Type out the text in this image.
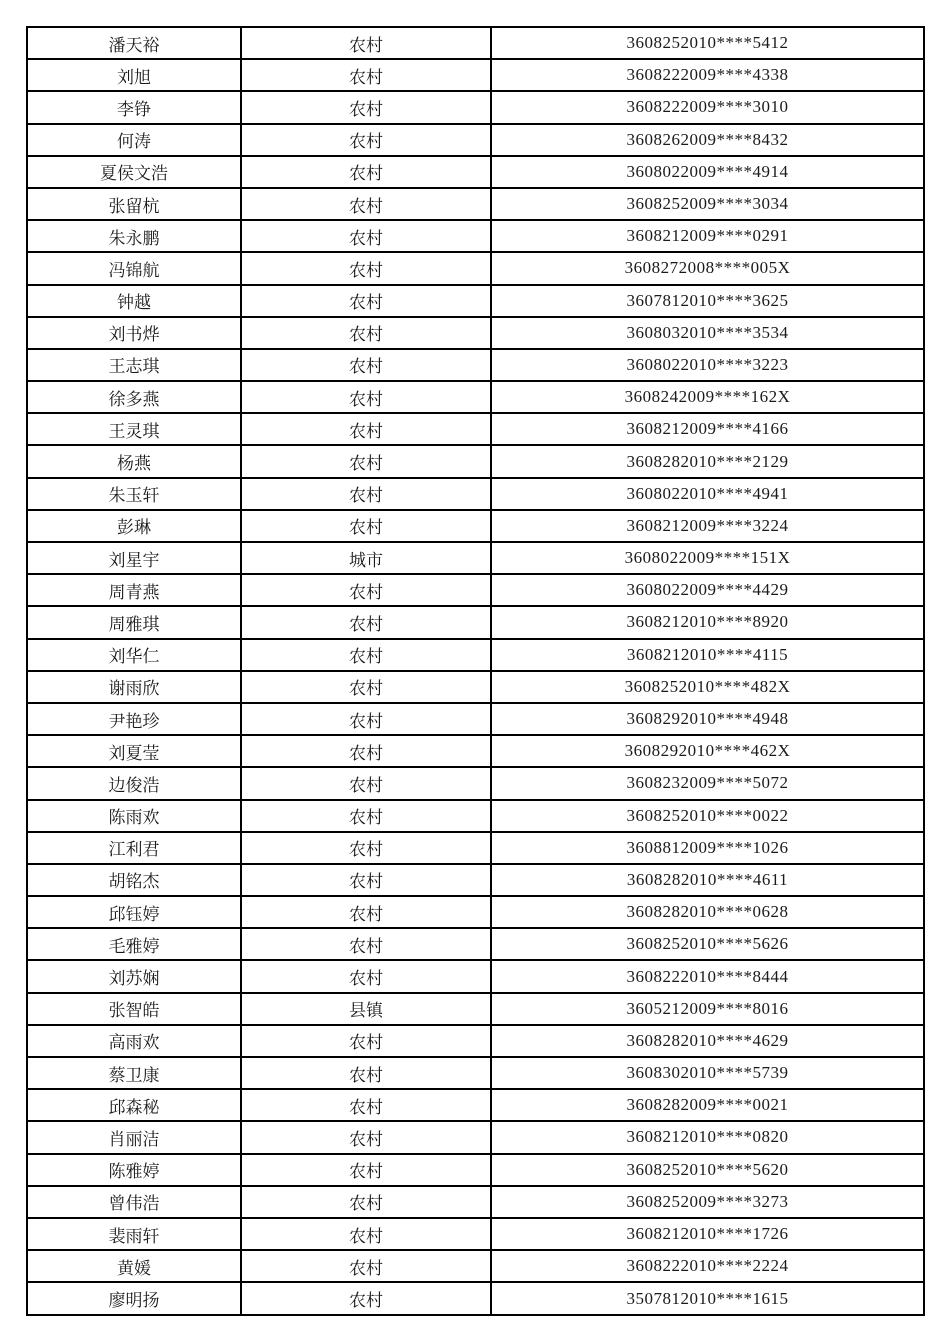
潘天裕	农村	3608252010****5412
刘旭	农村	3608222009****4338
李铮	农村	3608222009****3010
何涛	农村	3608262009****8432
夏侯文浩	农村	3608022009****4914
张留杭	农村	3608252009****3034
朱永鹏	农村	3608212009****0291
冯锦航	农村	3608272008****005X
钟越	农村	3607812010****3625
刘书烨	农村	3608032010****3534
王志琪	农村	3608022010****3223
徐多燕	农村	3608242009****162X
王灵琪	农村	3608212009****4166
杨燕	农村	3608282010****2129
朱玉轩	农村	3608022010****4941
彭琳	农村	3608212009****3224
刘星宇	城市	3608022009****151X
周青燕	农村	3608022009****4429
周雅琪	农村	3608212010****8920
刘华仁	农村	3608212010****4115
谢雨欣	农村	3608252010****482X
尹艳珍	农村	3608292010****4948
刘夏莹	农村	3608292010****462X
边俊浩	农村	3608232009****5072
陈雨欢	农村	3608252010****0022
江利君	农村	3608812009****1026
胡铭杰	农村	3608282010****4611
邱钰婷	农村	3608282010****0628
毛雅婷	农村	3608252010****5626
刘苏娴	农村	3608222010****8444
张智皓	县镇	3605212009****8016
高雨欢	农村	3608282010****4629
蔡卫康	农村	3608302010****5739
邱森秘	农村	3608282009****0021
肖丽洁	农村	3608212010****0820
陈雅婷	农村	3608252010****5620
曾伟浩	农村	3608252009****3273
裴雨轩	农村	3608212010****1726
黄媛	农村	3608222010****2224
廖明扬	农村	3507812010****1615
